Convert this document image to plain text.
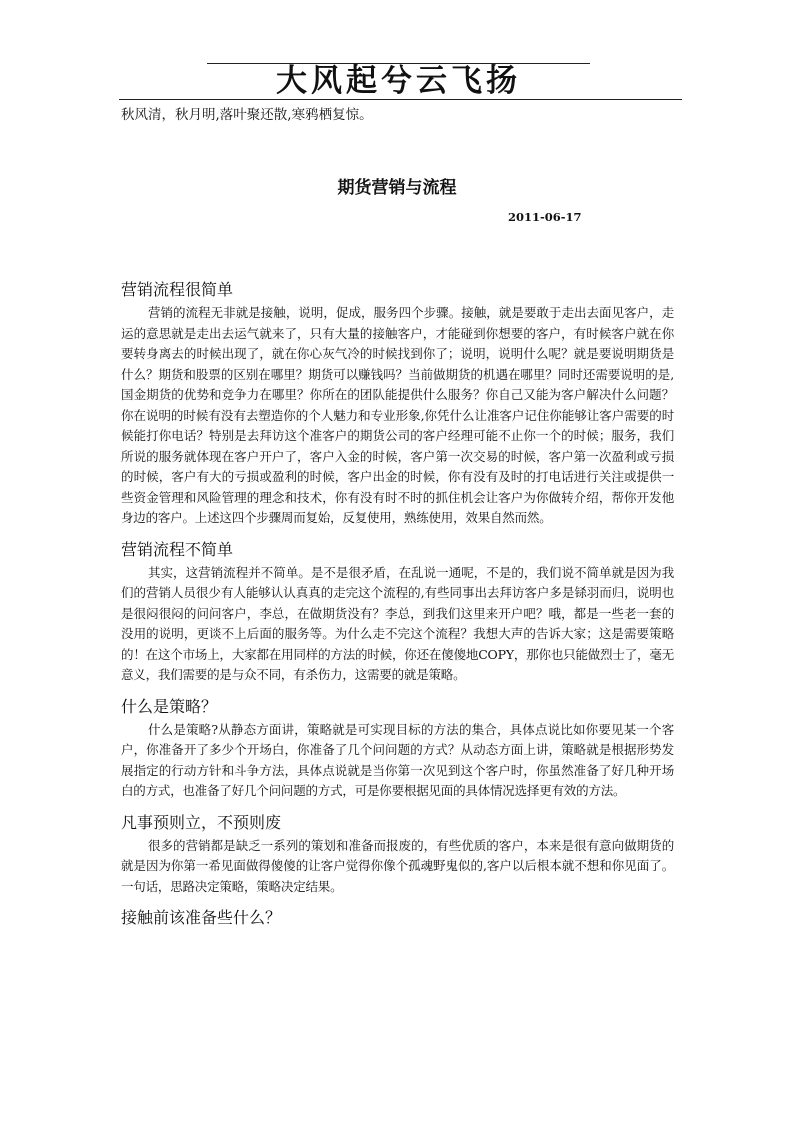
大风起兮云飞扬
秋风清，秋月明,落叶聚还散,寒鸦栖复惊。
期货营销与流程
2011-06-17
营销流程很简单

营销的流程无非就是接触，说明，促成，服务四个步骤。接触，就是要敢于走出去面见客户，走运的意思就是走出去运气就来了，只有大量的接触客户，才能碰到你想要的客户，有时候客户就在你要转身离去的时候出现了，就在你心灰气冷的时候找到你了；说明，说明什么呢？就是要说明期货是什么？期货和股票的区别在哪里？期货可以赚钱吗？当前做期货的机遇在哪里？同时还需要说明的是,国金期货的优势和竞争力在哪里？你所在的团队能提供什么服务？你自己又能为客户解决什么问题？你在说明的时候有没有去塑造你的个人魅力和专业形象,你凭什么让准客户记住你能够让客户需要的时候能打你电话？特别是去拜访这个准客户的期货公司的客户经理可能不止你一个的时候；服务，我们所说的服务就体现在客户开户了，客户入金的时候，客户第一次交易的时候，客户第一次盈利或亏损的时候，客户有大的亏损或盈利的时候，客户出金的时候，你有没有及时的打电话进行关注或提供一些资金管理和风险管理的理念和技术，你有没有时不时的抓住机会让客户为你做转介绍，帮你开发他身边的客户。上述这四个步骤周而复始，反复使用，熟练使用，效果自然而然。

营销流程不简单

其实，这营销流程并不简单。是不是很矛盾，在乱说一通呢，不是的，我们说不简单就是因为我们的营销人员很少有人能够认认真真的走完这个流程的,有些同事出去拜访客户多是铩羽而归，说明也是很闷很闷的问问客户，李总，在做期货没有？李总，到我们这里来开户吧？哦，都是一些老一套的没用的说明，更谈不上后面的服务等。为什么走不完这个流程？我想大声的告诉大家；这是需要策略的！在这个市场上，大家都在用同样的方法的时候，你还在傻傻地COPY，那你也只能做烈士了，毫无意义，我们需要的是与众不同，有杀伤力，这需要的就是策略。

什么是策略？

什么是策略?从静态方面讲，策略就是可实现目标的方法的集合，具体点说比如你要见某一个客户，你准备开了多少个开场白，你准备了几个问问题的方式？从动态方面上讲，策略就是根据形势发展指定的行动方针和斗争方法，具体点说就是当你第一次见到这个客户时，你虽然准备了好几种开场白的方式，也准备了好几个问问题的方式，可是你要根据见面的具体情况选择更有效的方法。

凡事预则立，不预则废

很多的营销都是缺乏一系列的策划和准备而报废的，有些优质的客户，本来是很有意向做期货的就是因为你第一希见面做得傻傻的让客户觉得你像个孤魂野鬼似的,客户以后根本就不想和你见面了。一句话，思路决定策略，策略决定结果。

接触前该准备些什么？
